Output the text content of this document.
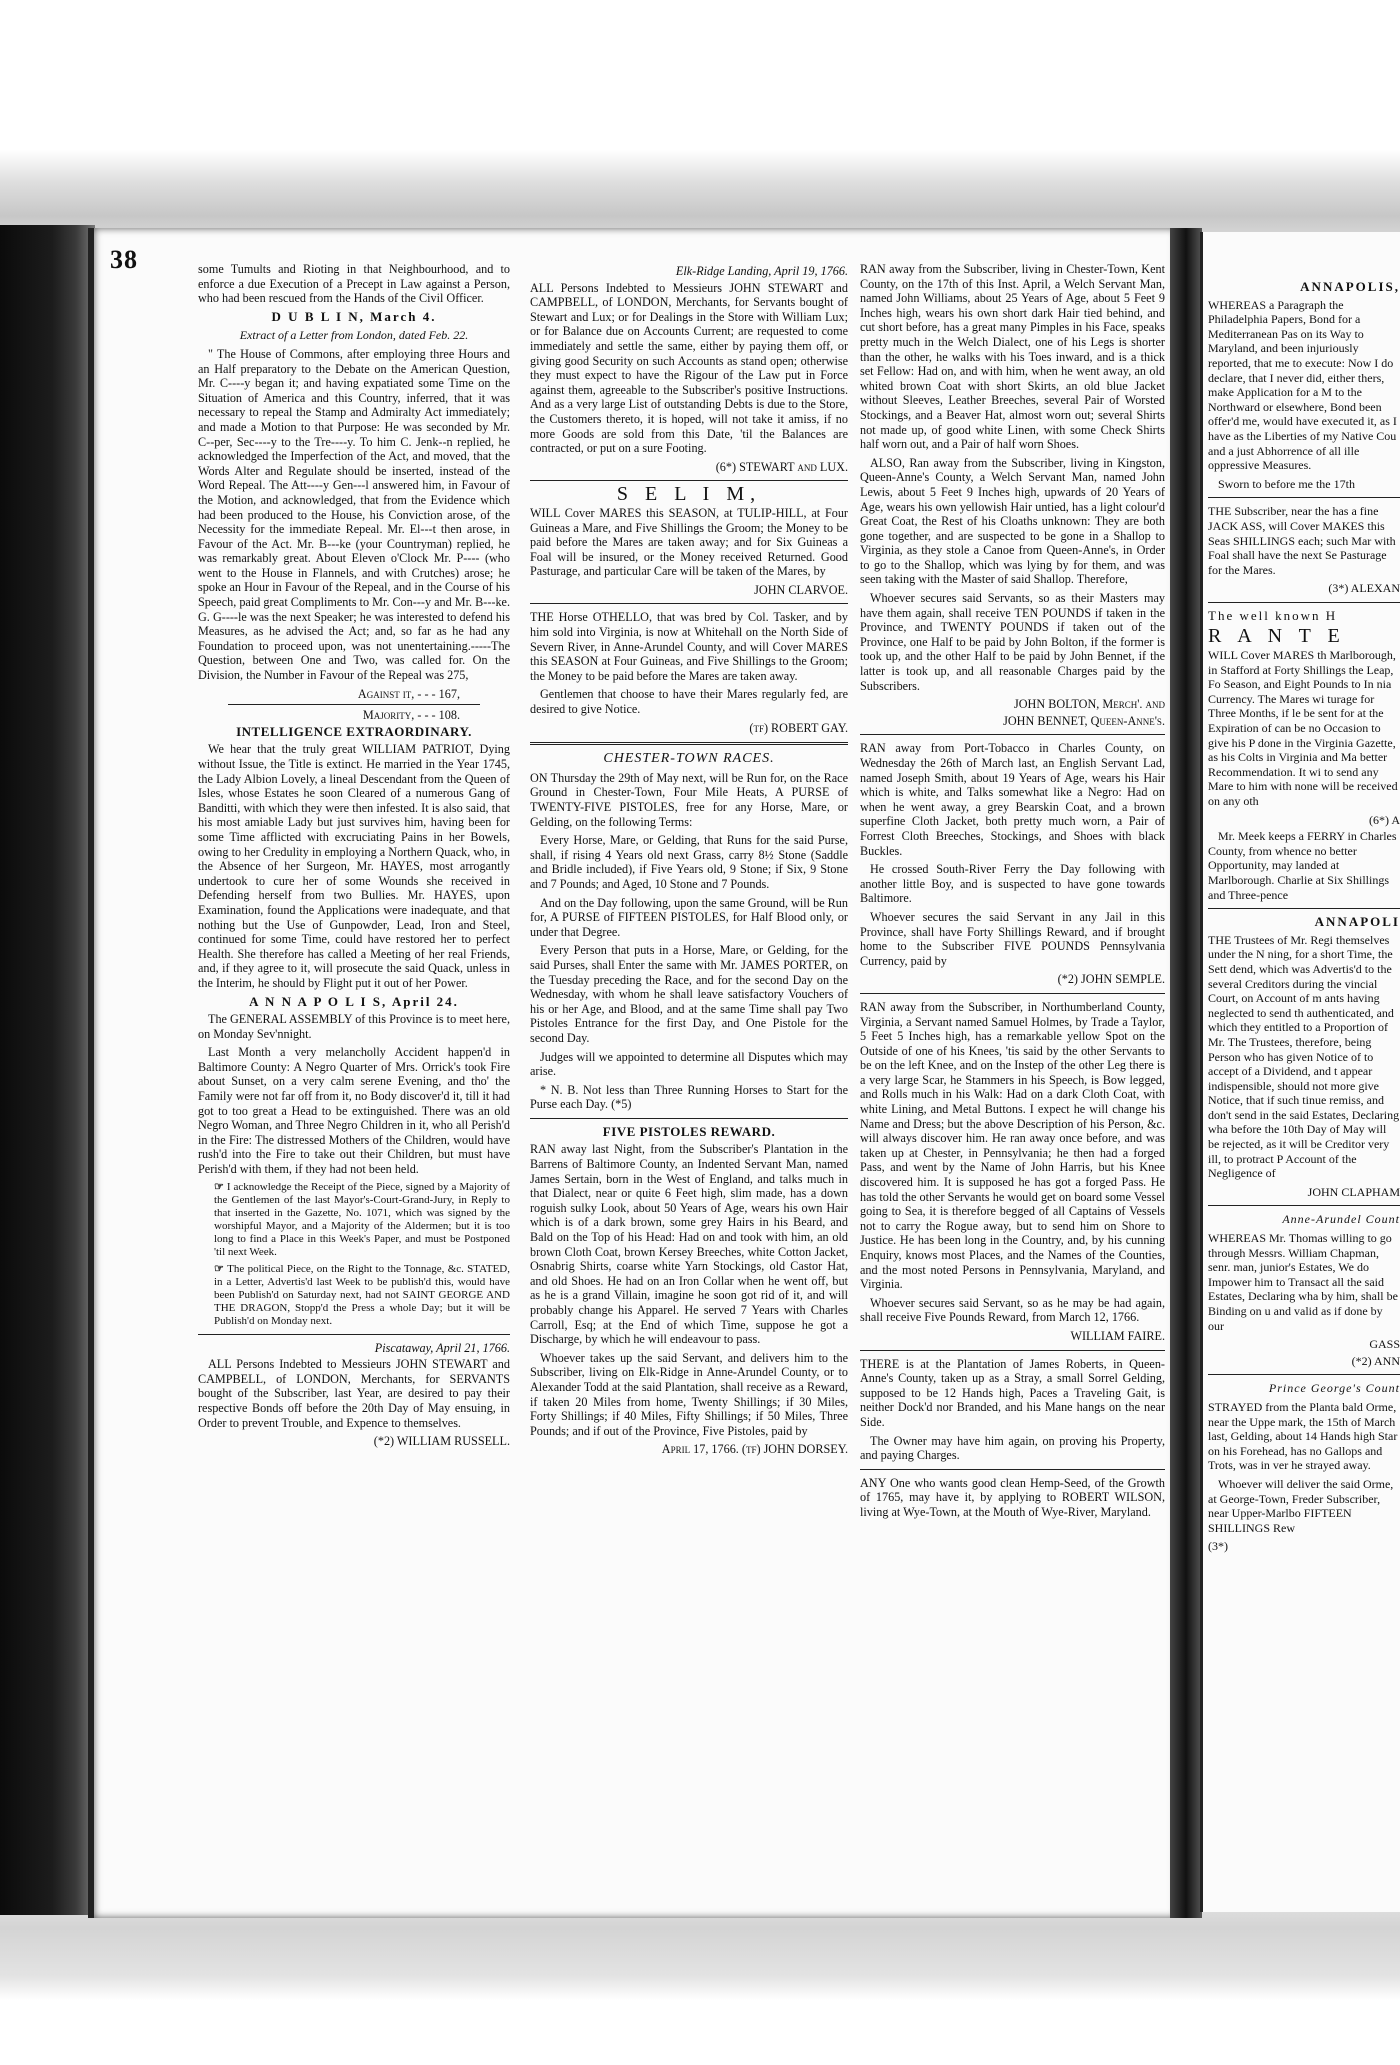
38	some Tumults and Rioting in that Neighbourhood, and to enforce a due Execution of a Precept in Law against a Person, who had been rescued from the Hands of the Civil Officer.

D U B L I N, March 4.
Extract of a Letter from London, dated Feb. 22.

" The House of Commons, after employing three Hours and an Half preparatory to the Debate on the American Question, Mr. C----y began it; and having expatiated some Time on the Situation of America and this Country, inferred, that it was necessary to repeal the Stamp and Admiralty Act immediately; and made a Motion to that Purpose: He was seconded by Mr. C--per, Sec----y to the Tre----y. To him C. Jenk--n replied, he acknowledged the Imperfection of the Act, and moved, that the Words Alter and Regulate should be inserted, instead of the Word Repeal. The Att----y Gen---l answered him, in Favour of the Motion, and acknowledged, that from the Evidence which had been produced to the House, his Conviction arose, of the Necessity for the immediate Repeal. Mr. El---t then arose, in Favour of the Act. Mr. B---ke (your Countryman) replied, he was remarkably great. About Eleven o'Clock Mr. P---- (who went to the House in Flannels, and with Crutches) arose; he spoke an Hour in Favour of the Repeal, and in the Course of his Speech, paid great Compliments to Mr. Con---y and Mr. B---ke. G. G----le was the next Speaker; he was interested to defend his Measures, as he advised the Act; and, so far as he had any Foundation to proceed upon, was not unentertaining.-----The Question, between One and Two, was called for. On the Division, the Number in Favour of the Repeal was 275,

Against it, - - - 167,
Majority, - - - 108.
INTELLIGENCE EXTRAORDINARY.

We hear that the truly great WILLIAM PATRIOT, Dying without Issue, the Title is extinct. He married in the Year 1745, the Lady Albion Lovely, a lineal Descendant from the Queen of Isles, whose Estates he soon Cleared of a numerous Gang of Banditti, with which they were then infested. It is also said, that his most amiable Lady but just survives him, having been for some Time afflicted with excruciating Pains in her Bowels, owing to her Credulity in employing a Northern Quack, who, in the Absence of her Surgeon, Mr. HAYES, most arrogantly undertook to cure her of some Wounds she received in Defending herself from two Bullies. Mr. HAYES, upon Examination, found the Applications were inadequate, and that nothing but the Use of Gunpowder, Lead, Iron and Steel, continued for some Time, could have restored her to perfect Health. She therefore has called a Meeting of her real Friends, and, if they agree to it, will prosecute the said Quack, unless in the Interim, he should by Flight put it out of her Power.

A N N A P O L I S, April 24.

The GENERAL ASSEMBLY of this Province is to meet here, on Monday Sev'nnight.

Last Month a very melancholly Accident happen'd in Baltimore County: A Negro Quarter of Mrs. Orrick's took Fire about Sunset, on a very calm serene Evening, and tho' the Family were not far off from it, no Body discover'd it, till it had got to too great a Head to be extinguished. There was an old Negro Woman, and Three Negro Children in it, who all Perish'd in the Fire: The distressed Mothers of the Children, would have rush'd into the Fire to take out their Children, but must have Perish'd with them, if they had not been held.

☞ I acknowledge the Receipt of the Piece, signed by a Majority of the Gentlemen of the last Mayor's-Court-Grand-Jury, in Reply to that inserted in the Gazette, No. 1071, which was signed by the worshipful Mayor, and a Majority of the Aldermen; but it is too long to find a Place in this Week's Paper, and must be Postponed 'til next Week.

☞ The political Piece, on the Right to the Tonnage, &c. STATED, in a Letter, Advertis'd last Week to be publish'd this, would have been Publish'd on Saturday next, had not SAINT GEORGE AND THE DRAGON, Stopp'd the Press a whole Day; but it will be Publish'd on Monday next.

Piscataway, April 21, 1766.

ALL Persons Indebted to Messieurs JOHN STEWART and CAMPBELL, of LONDON, Merchants, for SERVANTS bought of the Subscriber, last Year, are desired to pay their respective Bonds off before the 20th Day of May ensuing, in Order to prevent Trouble, and Expence to themselves.

(*2) WILLIAM RUSSELL.
Elk-Ridge Landing, April 19, 1766.

ALL Persons Indebted to Messieurs JOHN STEWART and CAMPBELL, of LONDON, Merchants, for Servants bought of Stewart and Lux; or for Dealings in the Store with William Lux; or for Balance due on Accounts Current; are requested to come immediately and settle the same, either by paying them off, or giving good Security on such Accounts as stand open; otherwise they must expect to have the Rigour of the Law put in Force against them, agreeable to the Subscriber's positive Instructions. And as a very large List of outstanding Debts is due to the Store, the Customers thereto, it is hoped, will not take it amiss, if no more Goods are sold from this Date, 'til the Balances are contracted, or put on a sure Footing.

(6*) STEWART and LUX.
S E L I M,

WILL Cover MARES this SEASON, at TULIP-HILL, at Four Guineas a Mare, and Five Shillings the Groom; the Money to be paid before the Mares are taken away; and for Six Guineas a Foal will be insured, or the Money received Returned. Good Pasturage, and particular Care will be taken of the Mares, by

JOHN CLARVOE.

THE Horse OTHELLO, that was bred by Col. Tasker, and by him sold into Virginia, is now at Whitehall on the North Side of Severn River, in Anne-Arundel County, and will Cover MARES this SEASON at Four Guineas, and Five Shillings to the Groom; the Money to be paid before the Mares are taken away.

Gentlemen that choose to have their Mares regularly fed, are desired to give Notice.

(tf) ROBERT GAY.
CHESTER-TOWN RACES.

ON Thursday the 29th of May next, will be Run for, on the Race Ground in Chester-Town, Four Mile Heats, A PURSE of TWENTY-FIVE PISTOLES, free for any Horse, Mare, or Gelding, on the following Terms:

Every Horse, Mare, or Gelding, that Runs for the said Purse, shall, if rising 4 Years old next Grass, carry 8½ Stone (Saddle and Bridle included), if Five Years old, 9 Stone; if Six, 9 Stone and 7 Pounds; and Aged, 10 Stone and 7 Pounds.

And on the Day following, upon the same Ground, will be Run for, A PURSE of FIFTEEN PISTOLES, for Half Blood only, or under that Degree.

Every Person that puts in a Horse, Mare, or Gelding, for the said Purses, shall Enter the same with Mr. JAMES PORTER, on the Tuesday preceding the Race, and for the second Day on the Wednesday, with whom he shall leave satisfactory Vouchers of his or her Age, and Blood, and at the same Time shall pay Two Pistoles Entrance for the first Day, and One Pistole for the second Day.

Judges will we appointed to determine all Disputes which may arise.

* N. B. Not less than Three Running Horses to Start for the Purse each Day. (*5)

FIVE PISTOLES REWARD.

RAN away last Night, from the Subscriber's Plantation in the Barrens of Baltimore County, an Indented Servant Man, named James Sertain, born in the West of England, and talks much in that Dialect, near or quite 6 Feet high, slim made, has a down roguish sulky Look, about 50 Years of Age, wears his own Hair which is of a dark brown, some grey Hairs in his Beard, and Bald on the Top of his Head: Had on and took with him, an old brown Cloth Coat, brown Kersey Breeches, white Cotton Jacket, Osnabrig Shirts, coarse white Yarn Stockings, old Castor Hat, and old Shoes. He had on an Iron Collar when he went off, but as he is a grand Villain, imagine he soon got rid of it, and will probably change his Apparel. He served 7 Years with Charles Carroll, Esq; at the End of which Time, suppose he got a Discharge, by which he will endeavour to pass.

Whoever takes up the said Servant, and delivers him to the Subscriber, living on Elk-Ridge in Anne-Arundel County, or to Alexander Todd at the said Plantation, shall receive as a Reward, if taken 20 Miles from home, Twenty Shillings; if 30 Miles, Forty Shillings; if 40 Miles, Fifty Shillings; if 50 Miles, Three Pounds; and if out of the Province, Five Pistoles, paid by

April 17, 1766. (tf) JOHN DORSEY.

RAN away from the Subscriber, living in Chester-Town, Kent County, on the 17th of this Inst. April, a Welch Servant Man, named John Williams, about 25 Years of Age, about 5 Feet 9 Inches high, wears his own short dark Hair tied behind, and cut short before, has a great many Pimples in his Face, speaks pretty much in the Welch Dialect, one of his Legs is shorter than the other, he walks with his Toes inward, and is a thick set Fellow: Had on, and with him, when he went away, an old whited brown Coat with short Skirts, an old blue Jacket without Sleeves, Leather Breeches, several Pair of Worsted Stockings, and a Beaver Hat, almost worn out; several Shirts not made up, of good white Linen, with some Check Shirts half worn out, and a Pair of half worn Shoes.

ALSO, Ran away from the Subscriber, living in Kingston, Queen-Anne's County, a Welch Servant Man, named John Lewis, about 5 Feet 9 Inches high, upwards of 20 Years of Age, wears his own yellowish Hair untied, has a light colour'd Great Coat, the Rest of his Cloaths unknown: They are both gone together, and are suspected to be gone in a Shallop to Virginia, as they stole a Canoe from Queen-Anne's, in Order to go to the Shallop, which was lying by for them, and was seen taking with the Master of said Shallop. Therefore,

Whoever secures said Servants, so as their Masters may have them again, shall receive TEN POUNDS if taken in the Province, and TWENTY POUNDS if taken out of the Province, one Half to be paid by John Bolton, if the former is took up, and the other Half to be paid by John Bennet, if the latter is took up, and all reasonable Charges paid by the Subscribers.

JOHN BOLTON, Merch'. and
JOHN BENNET, Queen-Anne's.

RAN away from Port-Tobacco in Charles County, on Wednesday the 26th of March last, an English Servant Lad, named Joseph Smith, about 19 Years of Age, wears his Hair which is white, and Talks somewhat like a Negro: Had on when he went away, a grey Bearskin Coat, and a brown superfine Cloth Jacket, both pretty much worn, a Pair of Forrest Cloth Breeches, Stockings, and Shoes with black Buckles.

He crossed South-River Ferry the Day following with another little Boy, and is suspected to have gone towards Baltimore.

Whoever secures the said Servant in any Jail in this Province, shall have Forty Shillings Reward, and if brought home to the Subscriber FIVE POUNDS Pennsylvania Currency, paid by

(*2) JOHN SEMPLE.

RAN away from the Subscriber, in Northumberland County, Virginia, a Servant named Samuel Holmes, by Trade a Taylor, 5 Feet 5 Inches high, has a remarkable yellow Spot on the Outside of one of his Knees, 'tis said by the other Servants to be on the left Knee, and on the Instep of the other Leg there is a very large Scar, he Stammers in his Speech, is Bow legged, and Rolls much in his Walk: Had on a dark Cloth Coat, with white Lining, and Metal Buttons. I expect he will change his Name and Dress; but the above Description of his Person, &c. will always discover him. He ran away once before, and was taken up at Chester, in Pennsylvania; he then had a forged Pass, and went by the Name of John Harris, but his Knee discovered him. It is supposed he has got a forged Pass. He has told the other Servants he would get on board some Vessel going to Sea, it is therefore begged of all Captains of Vessels not to carry the Rogue away, but to send him on Shore to Justice. He has been long in the Country, and, by his cunning Enquiry, knows most Places, and the Names of the Counties, and the most noted Persons in Pennsylvania, Maryland, and Virginia.

Whoever secures said Servant, so as he may be had again, shall receive Five Pounds Reward, from March 12, 1766.

WILLIAM FAIRE.

THERE is at the Plantation of James Roberts, in Queen-Anne's County, taken up as a Stray, a small Sorrel Gelding, supposed to be 12 Hands high, Paces a Traveling Gait, is neither Dock'd nor Branded, and his Mane hangs on the near Side.

The Owner may have him again, on proving his Property, and paying Charges.

ANY One who wants good clean Hemp-Seed, of the Growth of 1765, may have it, by applying to ROBERT WILSON, living at Wye-Town, at the Mouth of Wye-River, Maryland.

ANNAPOLIS,

WHEREAS a Paragraph the Philadelphia Papers, Bond for a Mediterranean Pas on its Way to Maryland, and been injuriously reported, that me to execute: Now I do declare, that I never did, either thers, make Application for a M to the Northward or elsewhere, Bond been offer'd me, would have executed it, as I have as the Liberties of my Native Cou and a just Abhorrence of all ille oppressive Measures.

Sworn to before me the 17th

THE Subscriber, near the has a fine JACK ASS, will Cover MAKES this Seas SHILLINGS each; such Mar with Foal shall have the next Se Pasturage for the Mares.

(3*) ALEXAN
The well known H
R A N T E

WILL Cover MARES th Marlborough, in Stafford at Forty Shillings the Leap, Fo Season, and Eight Pounds to In nia Currency. The Mares wi turage for Three Months, if le be sent for at the Expiration of can be no Occasion to give his P done in the Virginia Gazette, as his Colts in Virginia and Ma better Recommendation. It wi to send any Mare to him with none will be received on any oth

(6*) A

Mr. Meek keeps a FERRY in Charles County, from whence no better Opportunity, may landed at Marlborough. Charlie at Six Shillings and Three-pence

ANNAPOLI

THE Trustees of Mr. Regi themselves under the N ning, for a short Time, the Sett dend, which was Advertis'd to the several Creditors during the vincial Court, on Account of m ants having neglected to send th authenticated, and which they entitled to a Proportion of Mr. The Trustees, therefore, being Person who has given Notice of to accept of a Dividend, and t appear indispensible, should not more give Notice, that if such tinue remiss, and don't send in the said Estates, Declaring wha before the 10th Day of May will be rejected, as it will be Creditor very ill, to protract P Account of the Negligence of

JOHN CLAPHAM
Anne-Arundel Count

WHEREAS Mr. Thomas willing to go through Messrs. William Chapman, senr. man, junior's Estates, We do Impower him to Transact all the said Estates, Declaring wha by him, shall be Binding on u and valid as if done by our

GASS
(*2) ANN
Prince George's Count

STRAYED from the Planta bald Orme, near the Uppe mark, the 15th of March last, Gelding, about 14 Hands high Star on his Forehead, has no Gallops and Trots, was in ver he strayed away.

Whoever will deliver the said Orme, at George-Town, Freder Subscriber, near Upper-Marlbo FIFTEEN SHILLINGS Rew

(3*)
